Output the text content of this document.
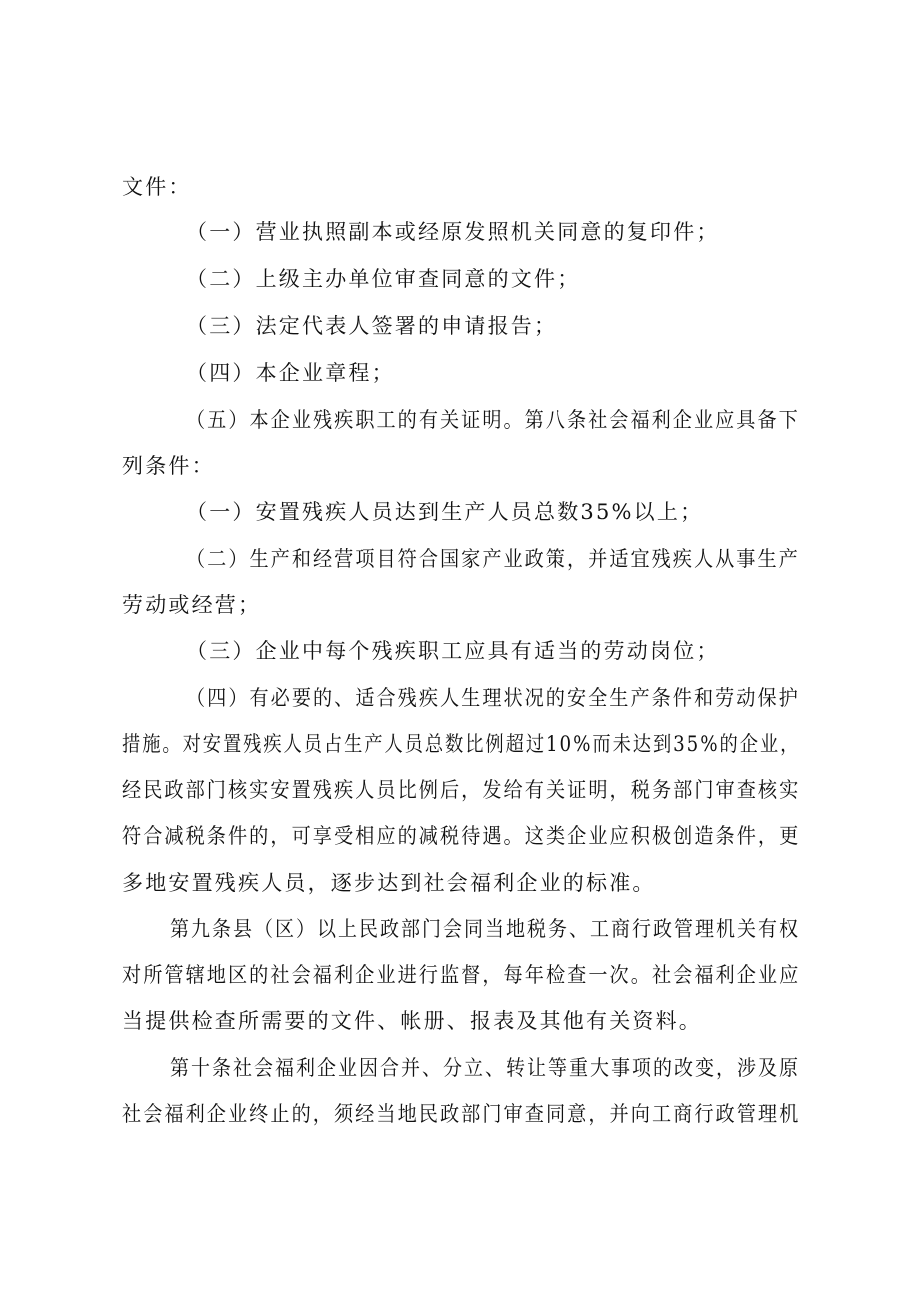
文件：
（一）营业执照副本或经原发照机关同意的复印件；
（二）上级主办单位审查同意的文件；
（三）法定代表人签署的申请报告；
（四）本企业章程；
（五）本企业残疾职工的有关证明。第八条社会福利企业应具备下
列条件：
（一）安置残疾人员达到生产人员总数35%以上；
（二）生产和经营项目符合国家产业政策，并适宜残疾人从事生产
劳动或经营；
（三）企业中每个残疾职工应具有适当的劳动岗位；
（四）有必要的、适合残疾人生理状况的安全生产条件和劳动保护
措施。对安置残疾人员占生产人员总数比例超过10%而未达到35%的企业，
经民政部门核实安置残疾人员比例后，发给有关证明，税务部门审查核实
符合减税条件的，可享受相应的减税待遇。这类企业应积极创造条件，更
多地安置残疾人员，逐步达到社会福利企业的标准。
第九条县（区）以上民政部门会同当地税务、工商行政管理机关有权
对所管辖地区的社会福利企业进行监督，每年检查一次。社会福利企业应
当提供检查所需要的文件、帐册、报表及其他有关资料。
第十条社会福利企业因合并、分立、转让等重大事项的改变，涉及原
社会福利企业终止的，须经当地民政部门审查同意，并向工商行政管理机
